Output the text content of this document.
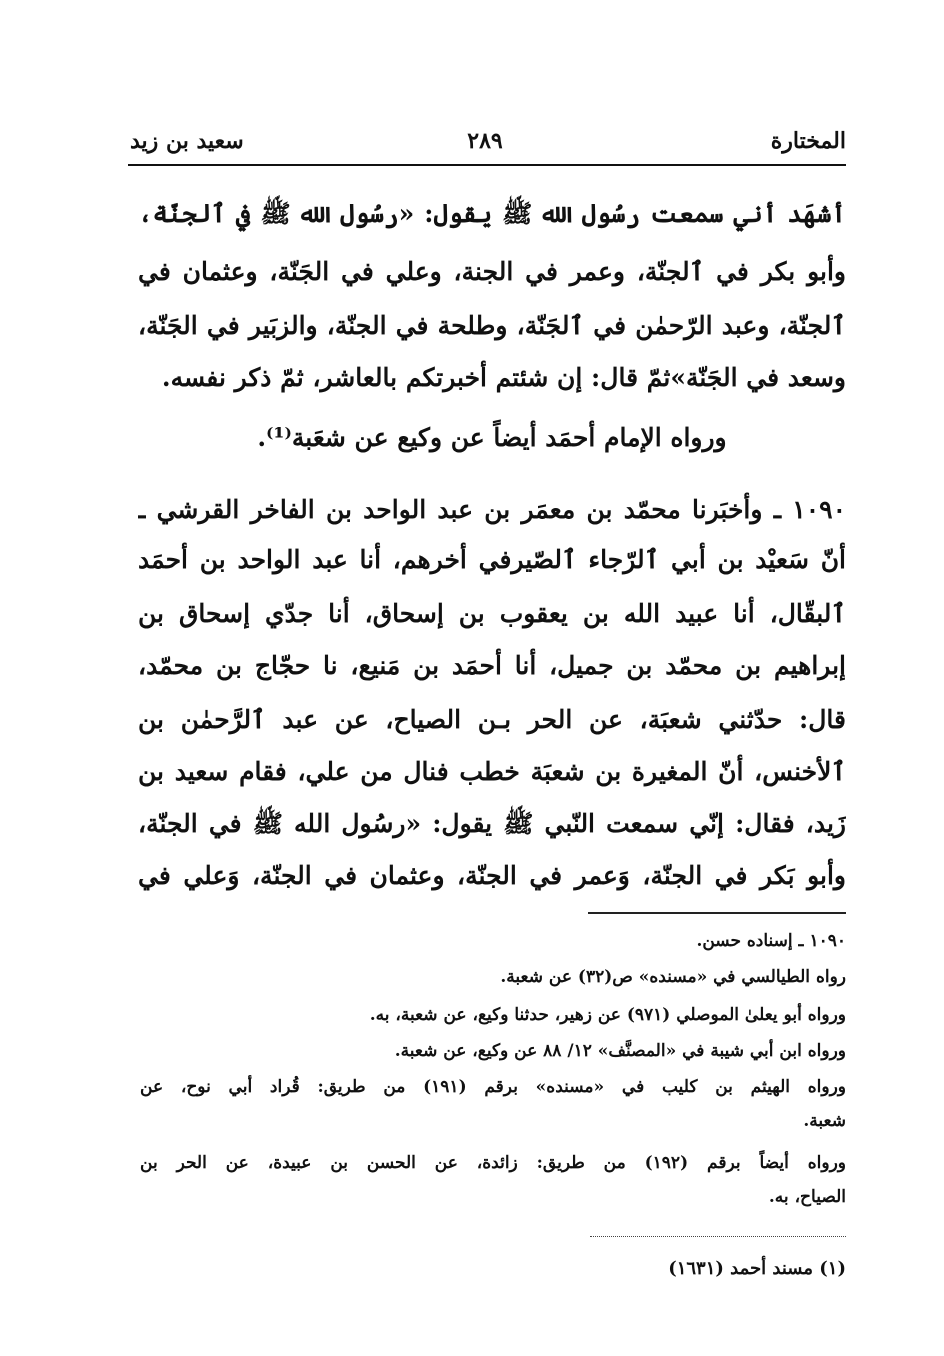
المختارة
٢٨٩
سعيد بن زيد
أشهَد أني سمعت رسُول الله ﷺ يقول: «رسُول الله ﷺ في ٱلجنّة،
وأبو بكر في ٱلجنّة، وعمر في الجنة، وعلي في الجَنّة، وعثمان في
ٱلجنّة، وعبد الرّحمٰن في ٱلجَنّة، وطلحة في الجنّة، والزبَير في الجَنّة،
وسعد في الجَنّة»ثمّ قال: إن شئتم أخبرتكم بالعاشر، ثمّ ذكر نفسه.
ورواه الإمام أحمَد أيضاً عن وكيع عن شعَبة⁽¹⁾.
١٠٩٠ ـ وأخبَرنا محمّد بن معمَر بن عبد الواحد بن الفاخر القرشي ـ
أنّ سَعيْد بن أبي ٱلرّجاء ٱلصّيرفي أخرهم، أنا عبد الواحد بن أحمَد
ٱلبقّال، أنا عبيد الله بن يعقوب بن إسحاق، أنا جدّي إسحاق بن
إبراهيم بن محمّد بن جميل، أنا أحمَد بن مَنيع، نا حجّاج بن محمّد،
قال: حدّثني شعبَة، عن الحر بـن الصياح، عن عبد ٱلرَّحمٰن بن
ٱلأخنس، أنّ المغيرة بن شعبَة خطب فنال من علي، فقام سعيد بن
زَيد، فقال: إنّي سمعت النّبي ﷺ يقول: «رسُول الله ﷺ في الجنّة،
وأبو بَكر في الجنّة، وَعمر في الجنّة، وعثمان في الجنّة، وَعلي في
١٠٩٠ ـ إسناده حسن.
رواه الطيالسي في «مسنده» ص(٣٢) عن شعبة.
ورواه أبو يعلىٰ الموصلي (٩٧١) عن زهير، حدثنا وكيع، عن شعبة، به.
ورواه ابن أبي شيبة في «المصنَّف» ١٢/ ٨٨ عن وكيع، عن شعبة.
ورواه الهيثم بن كليب في «مسنده» برقم (١٩١) من طريق: قُراد أبي نوح، عن
شعبة.
ورواه أيضاً برقم (١٩٢) من طريق: زائدة، عن الحسن بن عبيدة، عن الحر بن
الصياح، به.
(١) مسند أحمد (١٦٣١)
